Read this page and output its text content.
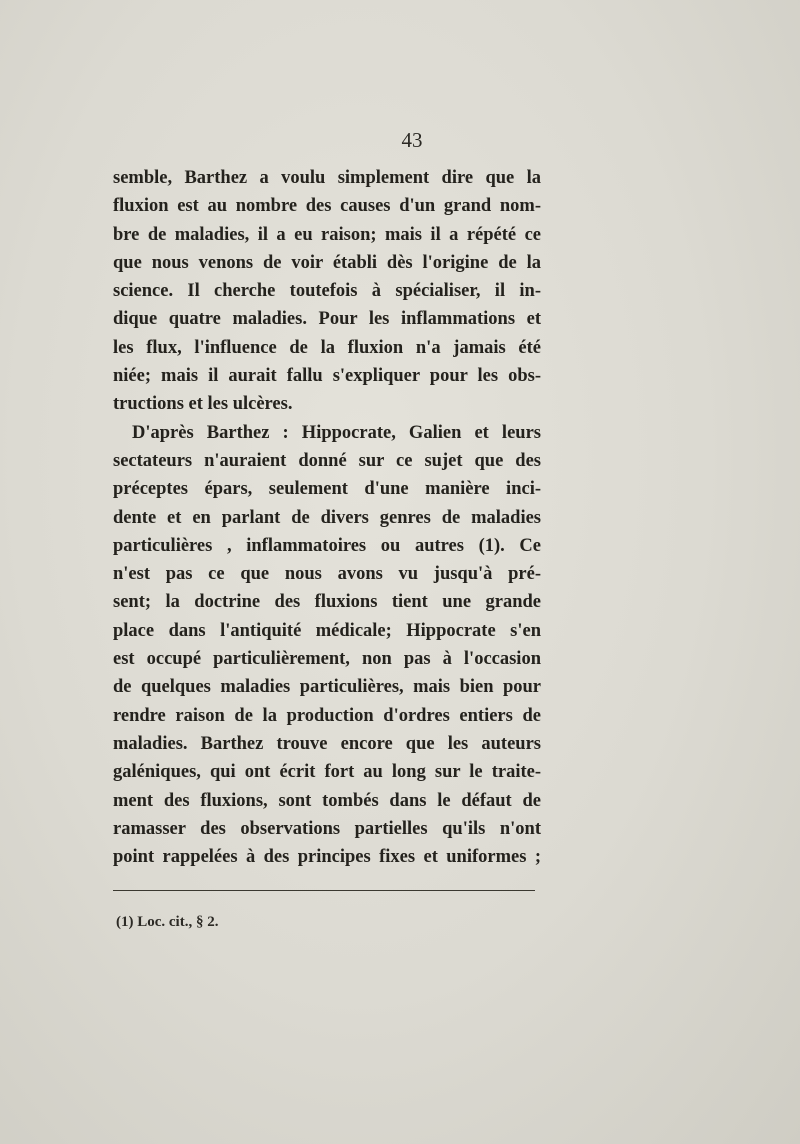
43
semble, Barthez a voulu simplement dire que la
fluxion est au nombre des causes d'un grand nom-
bre de maladies, il a eu raison; mais il a répété ce
que nous venons de voir établi dès l'origine de la
science. Il cherche toutefois à spécialiser, il in-
dique quatre maladies. Pour les inflammations et
les flux, l'influence de la fluxion n'a jamais été
niée; mais il aurait fallu s'expliquer pour les obs-
tructions et les ulcères.
D'après Barthez : Hippocrate, Galien et leurs
sectateurs n'auraient donné sur ce sujet que des
préceptes épars, seulement d'une manière inci-
dente et en parlant de divers genres de maladies
particulières , inflammatoires ou autres (1). Ce
n'est pas ce que nous avons vu jusqu'à pré-
sent; la doctrine des fluxions tient une grande
place dans l'antiquité médicale; Hippocrate s'en
est occupé particulièrement, non pas à l'occasion
de quelques maladies particulières, mais bien pour
rendre raison de la production d'ordres entiers de
maladies. Barthez trouve encore que les auteurs
galéniques, qui ont écrit fort au long sur le traite-
ment des fluxions, sont tombés dans le défaut de
ramasser des observations partielles qu'ils n'ont
point rappelées à des principes fixes et uniformes ;
(1) Loc. cit., § 2.
